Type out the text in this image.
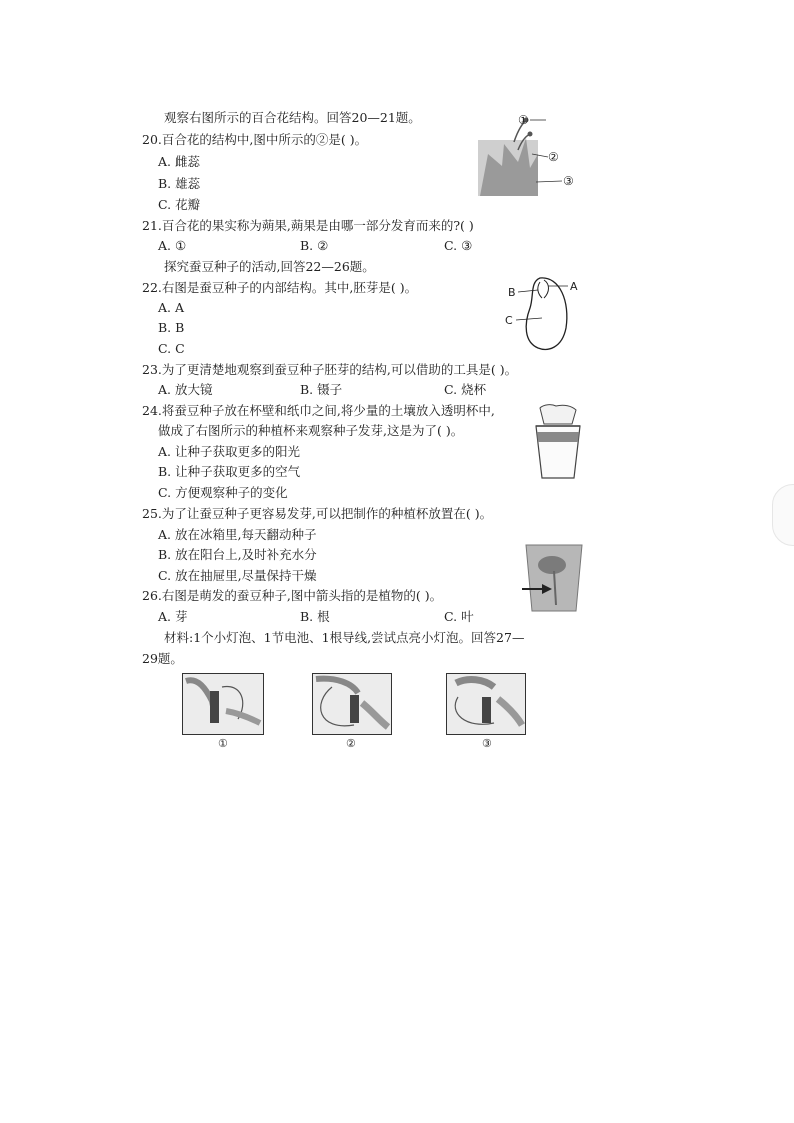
观察右图所示的百合花结构。回答20—21题。
20.百合花的结构中,图中所示的②是( )。
A. 雌蕊
B. 雄蕊
C. 花瓣
①
②
③
21.百合花的果实称为蒴果,蒴果是由哪一部分发育而来的?( )
A. ①	B. ②	C. ③
探究蚕豆种子的活动,回答22—26题。
22.右图是蚕豆种子的内部结构。其中,胚芽是( )。
A. A
B. B
C. C
A
B
C
23.为了更清楚地观察到蚕豆种子胚芽的结构,可以借助的工具是( )。
A. 放大镜	B. 镊子	C. 烧杯
24.将蚕豆种子放在杯壁和纸巾之间,将少量的土壤放入透明杯中,
做成了右图所示的种植杯来观察种子发芽,这是为了( )。
A. 让种子获取更多的阳光
B. 让种子获取更多的空气
C. 方便观察种子的变化
25.为了让蚕豆种子更容易发芽,可以把制作的种植杯放置在( )。
A. 放在冰箱里,每天翻动种子
B. 放在阳台上,及时补充水分
C. 放在抽屉里,尽量保持干燥
26.右图是萌发的蚕豆种子,图中箭头指的是植物的( )。
A. 芽	B. 根	C. 叶
材料:1个小灯泡、1节电池、1根导线,尝试点亮小灯泡。回答27—
29题。
①	②	③
